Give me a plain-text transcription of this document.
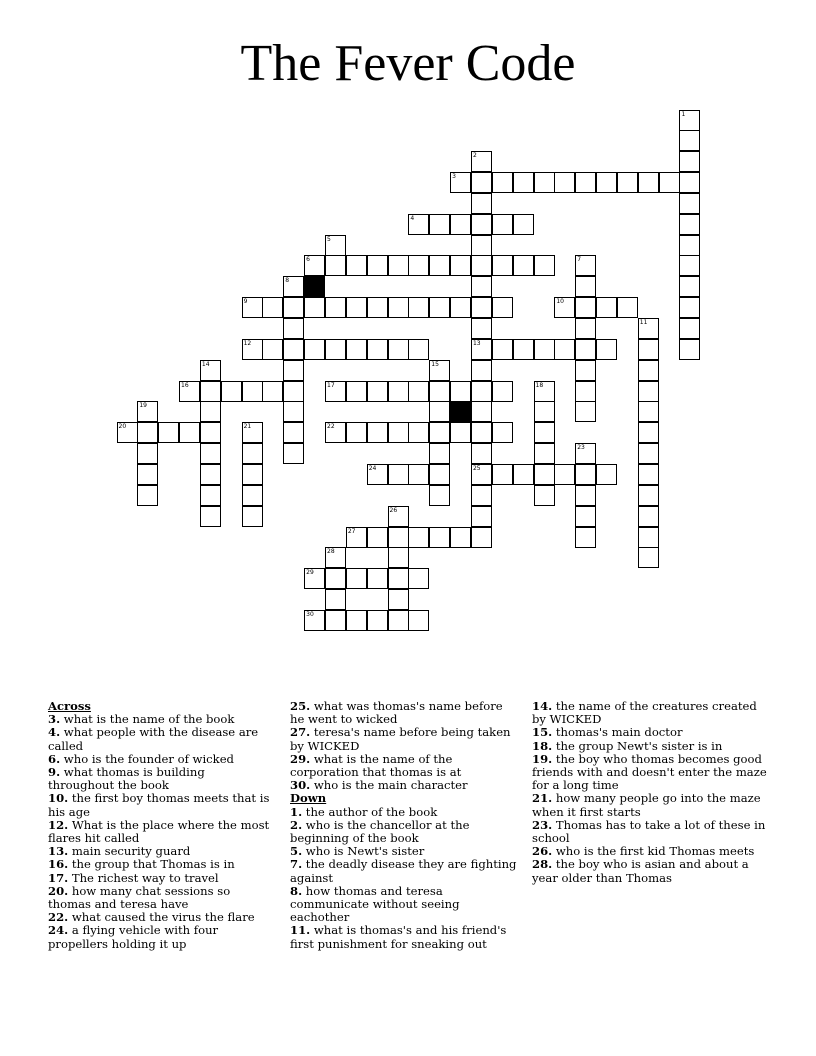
The Fever Code
3
4
6
9	10
12	13
16	17
20	22
24	25
27
29
30
1
2
5
7
8
11
14	15
18
19
21
23
26
28

Across

3. what is the name of the book

4. what people with the disease are called

6. who is the founder of wicked

9. what thomas is building throughout the book

10. the first boy thomas meets that is his age

12. What is the place where the most flares hit called

13. main security guard

16. the group that Thomas is in

17. The richest way to travel

20. how many chat sessions so thomas and teresa have

22. what caused the virus the flare

24. a flying vehicle with four propellers holding it up

25. what was thomas's name before he went to wicked

27. teresa's name before being taken by WICKED

29. what is the name of the corporation that thomas is at

30. who is the main character

Down

1. the author of the book

2. who is the chancellor at the beginning of the book

5. who is Newt's sister

7. the deadly disease they are fighting against

8. how thomas and teresa communicate without seeing eachother

11. what is thomas's and his friend's first punishment for sneaking out

14. the name of the creatures created by WICKED

15. thomas's main doctor

18. the group Newt's sister is in

19. the boy who thomas becomes good friends with and doesn't enter the maze for a long time

21. how many people go into the maze when it first starts

23. Thomas has to take a lot of these in school

26. who is the first kid Thomas meets

28. the boy who is asian and about a year older than Thomas
